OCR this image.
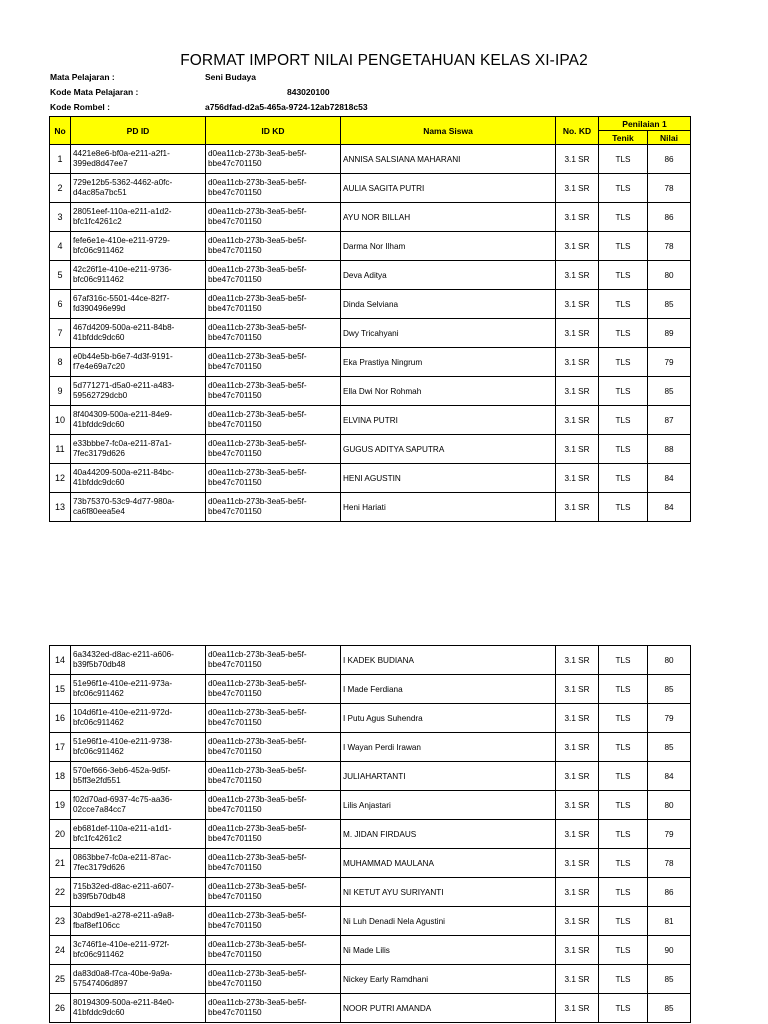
FORMAT IMPORT NILAI PENGETAHUAN KELAS XI-IPA2
Mata Pelajaran :	Seni Budaya
Kode Mata Pelajaran :	843020100
Kode Rombel :	a756dfad-d2a5-465a-9724-12ab72818c53
No	PD ID	ID KD	Nama Siswa	No. KD	Penilaian 1	
					Tenik	Nilai
1	4421e8e6-bf0a-e211-a2f1-
399ed8d47ee7	d0ea11cb-273b-3ea5-be5f-
bbe47c701150	ANNISA SALSIANA MAHARANI	3.1 SR	TLS	86
2	729e12b5-5362-4462-a0fc-
d4ac85a7bc51	d0ea11cb-273b-3ea5-be5f-
bbe47c701150	AULIA SAGITA PUTRI	3.1 SR	TLS	78
3	28051eef-110a-e211-a1d2-
bfc1fc4261c2	d0ea11cb-273b-3ea5-be5f-
bbe47c701150	AYU NOR BILLAH	3.1 SR	TLS	86
4	fefe6e1e-410e-e211-9729-
bfc06c911462	d0ea11cb-273b-3ea5-be5f-
bbe47c701150	Darma Nor Ilham	3.1 SR	TLS	78
5	42c26f1e-410e-e211-9736-
bfc06c911462	d0ea11cb-273b-3ea5-be5f-
bbe47c701150	Deva Aditya	3.1 SR	TLS	80
6	67af316c-5501-44ce-82f7-
fd390496e99d	d0ea11cb-273b-3ea5-be5f-
bbe47c701150	Dinda Selviana	3.1 SR	TLS	85
7	467d4209-500a-e211-84b8-
41bfddc9dc60	d0ea11cb-273b-3ea5-be5f-
bbe47c701150	Dwy Tricahyani	3.1 SR	TLS	89
8	e0b44e5b-b6e7-4d3f-9191-
f7e4e69a7c20	d0ea11cb-273b-3ea5-be5f-
bbe47c701150	Eka Prastiya Ningrum	3.1 SR	TLS	79
9	5d771271-d5a0-e211-a483-
59562729dcb0	d0ea11cb-273b-3ea5-be5f-
bbe47c701150	Ella Dwi Nor Rohmah	3.1 SR	TLS	85
10	8f404309-500a-e211-84e9-
41bfddc9dc60	d0ea11cb-273b-3ea5-be5f-
bbe47c701150	ELVINA PUTRI	3.1 SR	TLS	87
11	e33bbbe7-fc0a-e211-87a1-
7fec3179d626	d0ea11cb-273b-3ea5-be5f-
bbe47c701150	GUGUS ADITYA SAPUTRA	3.1 SR	TLS	88
12	40a44209-500a-e211-84bc-
41bfddc9dc60	d0ea11cb-273b-3ea5-be5f-
bbe47c701150	HENI AGUSTIN	3.1 SR	TLS	84
13	73b75370-53c9-4d77-980a-
ca6f80eea5e4	d0ea11cb-273b-3ea5-be5f-
bbe47c701150	Heni Hariati	3.1 SR	TLS	84
14	6a3432ed-d8ac-e211-a606-
b39f5b70db48	d0ea11cb-273b-3ea5-be5f-
bbe47c701150	I KADEK BUDIANA	3.1 SR	TLS	80
15	51e96f1e-410e-e211-973a-
bfc06c911462	d0ea11cb-273b-3ea5-be5f-
bbe47c701150	I Made Ferdiana	3.1 SR	TLS	85
16	104d6f1e-410e-e211-972d-
bfc06c911462	d0ea11cb-273b-3ea5-be5f-
bbe47c701150	I Putu Agus Suhendra	3.1 SR	TLS	79
17	51e96f1e-410e-e211-9738-
bfc06c911462	d0ea11cb-273b-3ea5-be5f-
bbe47c701150	I Wayan Perdi Irawan	3.1 SR	TLS	85
18	570ef666-3eb6-452a-9d5f-
b5ff3e2fd551	d0ea11cb-273b-3ea5-be5f-
bbe47c701150	JULIAHARTANTI	3.1 SR	TLS	84
19	f02d70ad-6937-4c75-aa36-
02cce7a84cc7	d0ea11cb-273b-3ea5-be5f-
bbe47c701150	Lilis Anjastari	3.1 SR	TLS	80
20	eb681def-110a-e211-a1d1-
bfc1fc4261c2	d0ea11cb-273b-3ea5-be5f-
bbe47c701150	M. JIDAN FIRDAUS	3.1 SR	TLS	79
21	0863bbe7-fc0a-e211-87ac-
7fec3179d626	d0ea11cb-273b-3ea5-be5f-
bbe47c701150	MUHAMMAD MAULANA	3.1 SR	TLS	78
22	715b32ed-d8ac-e211-a607-
b39f5b70db48	d0ea11cb-273b-3ea5-be5f-
bbe47c701150	NI KETUT AYU SURIYANTI	3.1 SR	TLS	86
23	30abd9e1-a278-e211-a9a8-
fbaf8ef106cc	d0ea11cb-273b-3ea5-be5f-
bbe47c701150	Ni Luh Denadi Nela Agustini	3.1 SR	TLS	81
24	3c746f1e-410e-e211-972f-
bfc06c911462	d0ea11cb-273b-3ea5-be5f-
bbe47c701150	Ni Made Lilis	3.1 SR	TLS	90
25	da83d0a8-f7ca-40be-9a9a-
57547406d897	d0ea11cb-273b-3ea5-be5f-
bbe47c701150	Nickey Early Ramdhani	3.1 SR	TLS	85
26	80194309-500a-e211-84e0-
41bfddc9dc60	d0ea11cb-273b-3ea5-be5f-
bbe47c701150	NOOR PUTRI AMANDA	3.1 SR	TLS	85
